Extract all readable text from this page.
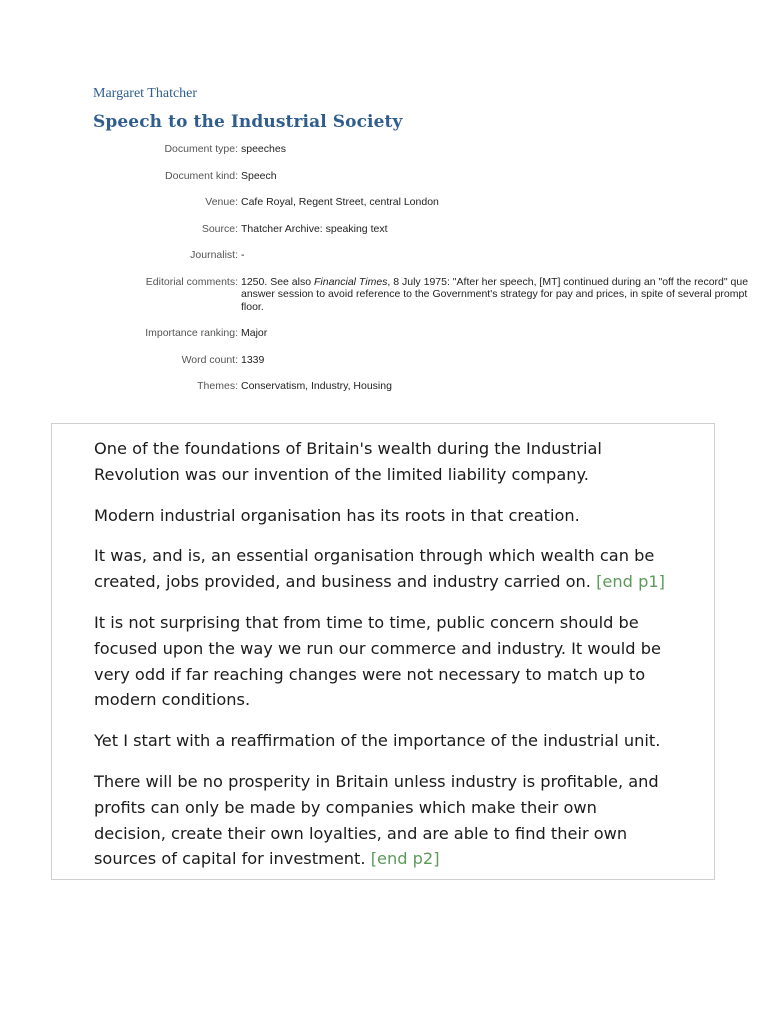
Margaret Thatcher
Speech to the Industrial Society
Document type: speeches
Document kind: Speech
Venue: Cafe Royal, Regent Street, central London
Source: Thatcher Archive: speaking text
Journalist: -
Editorial comments: 1250. See also Financial Times, 8 July 1975: "After her speech, [MT] continued during an "off the record" que
answer session to avoid reference to the Government's strategy for pay and prices, in spite of several prompt
floor.
Importance ranking: Major
Word count: 1339
Themes: Conservatism, Industry, Housing

One of the foundations of Britain's wealth during the Industrial Revolution was our invention of the limited liability company.

Modern industrial organisation has its roots in that creation.

It was, and is, an essential organisation through which wealth can be created, jobs provided, and business and industry carried on. [end p1]

It is not surprising that from time to time, public concern should be focused upon the way we run our commerce and industry. It would be very odd if far reaching changes were not necessary to match up to modern conditions.

Yet I start with a reaffirmation of the importance of the industrial unit.

There will be no prosperity in Britain unless industry is profitable, and profits can only be made by companies which make their own decision, create their own loyalties, and are able to find their own sources of capital for investment. [end p2]
